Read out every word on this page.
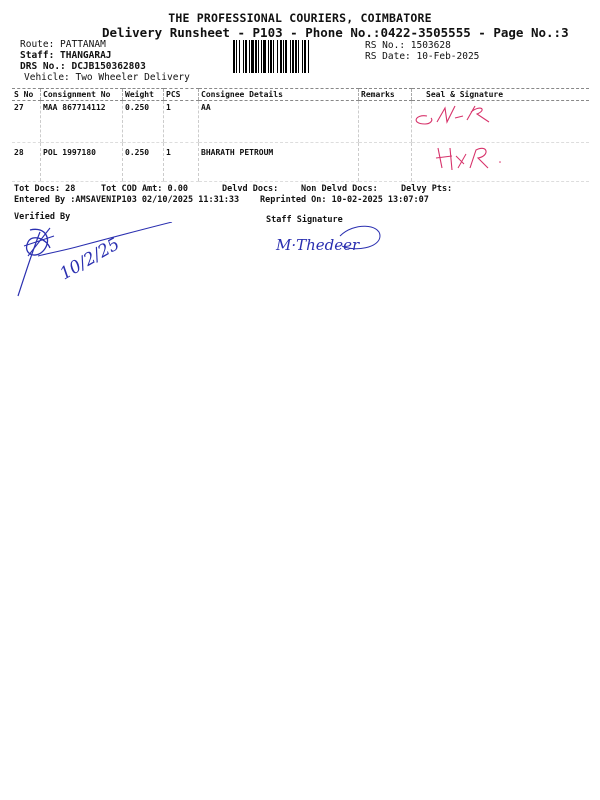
THE PROFESSIONAL COURIERS, COIMBATORE
Delivery Runsheet - P103 - Phone No.:0422-3505555 - Page No.:3
Route: PATTANAM
Staff: THANGARAJ
DRS No.: DCJB150362803
Vehicle: Two Wheeler Delivery
RS No.: 1503628
RS Date: 10-Feb-2025
S No	Consignment No	Weight	PCS	Consignee Details	Remarks	Seal & Signature
27	MAA 867714112	0.250	1	AA		
28	POL 1997180	0.250	1	BHARATH PETROUM		
Tot Docs: 28	Tot COD Amt: 0.00	Delvd Docs:	Non Delvd Docs:	Delvy Pts:
Entered By :AMSAVENIP103 02/10/2025 11:31:33 Reprinted On: 10-02-2025 13:07:07
Verified By	Staff Signature
10/2/25	M·Thedeer
